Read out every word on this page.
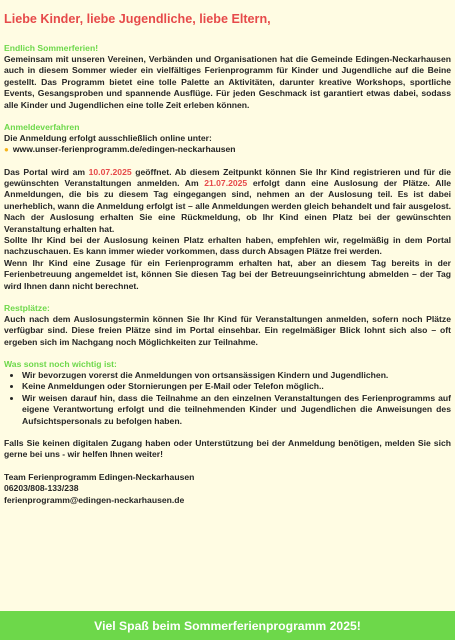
Liebe Kinder, liebe Jugendliche, liebe Eltern,
Endlich Sommerferien!

Gemeinsam mit unseren Vereinen, Verbänden und Organisationen hat die Gemeinde Edingen-Neckarhausen auch in diesem Sommer wieder ein vielfältiges Ferienprogramm für Kinder und Jugendliche auf die Beine gestellt. Das Programm bietet eine tolle Palette an Aktivitäten, darunter kreative Workshops, sportliche Events, Gesangsproben und spannende Ausflüge. Für jeden Geschmack ist garantiert etwas dabei, sodass alle Kinder und Jugendlichen eine tolle Zeit erleben können.

Anmeldeverfahren
Die Anmeldung erfolgt ausschließlich online unter:
● www.unser-ferienprogramm.de/edingen-neckarhausen

Das Portal wird am 10.07.2025 geöffnet. Ab diesem Zeitpunkt können Sie Ihr Kind registrieren und für die gewünschten Veranstaltungen anmelden. Am 21.07.2025 erfolgt dann eine Auslosung der Plätze. Alle Anmeldungen, die bis zu diesem Tag eingegangen sind, nehmen an der Auslosung teil. Es ist dabei unerheblich, wann die Anmeldung erfolgt ist – alle Anmeldungen werden gleich behandelt und fair ausgelost. Nach der Auslosung erhalten Sie eine Rückmeldung, ob Ihr Kind einen Platz bei der gewünschten Veranstaltung erhalten hat.

Sollte Ihr Kind bei der Auslosung keinen Platz erhalten haben, empfehlen wir, regelmäßig in dem Portal nachzuschauen. Es kann immer wieder vorkommen, dass durch Absagen Plätze frei werden.

Wenn Ihr Kind eine Zusage für ein Ferienprogramm erhalten hat, aber an diesem Tag bereits in der Ferienbetreuung angemeldet ist, können Sie diesen Tag bei der Betreuungseinrichtung abmelden – der Tag wird Ihnen dann nicht berechnet.

Restplätze:

Auch nach dem Auslosungstermin können Sie Ihr Kind für Veranstaltungen anmelden, sofern noch Plätze verfügbar sind. Diese freien Plätze sind im Portal einsehbar. Ein regelmäßiger Blick lohnt sich also – oft ergeben sich im Nachgang noch Möglichkeiten zur Teilnahme.

Was sonst noch wichtig ist:
• Wir bevorzugen vorerst die Anmeldungen von ortsansässigen Kindern und Jugendlichen.
• Keine Anmeldungen oder Stornierungen per E-Mail oder Telefon möglich..
• Wir weisen darauf hin, dass die Teilnahme an den einzelnen Veranstaltungen des Ferienprogramms auf eigene Verantwortung erfolgt und die teilnehmenden Kinder und Jugendlichen die Anweisungen des Aufsichtspersonals zu befolgen haben.

Falls Sie keinen digitalen Zugang haben oder Unterstützung bei der Anmeldung benötigen, melden Sie sich gerne bei uns - wir helfen Ihnen weiter!

Team Ferienprogramm Edingen-Neckarhausen
06203/808-133/238
ferienprogramm@edingen-neckarhausen.de
Viel Spaß beim Sommerferienprogramm 2025!
